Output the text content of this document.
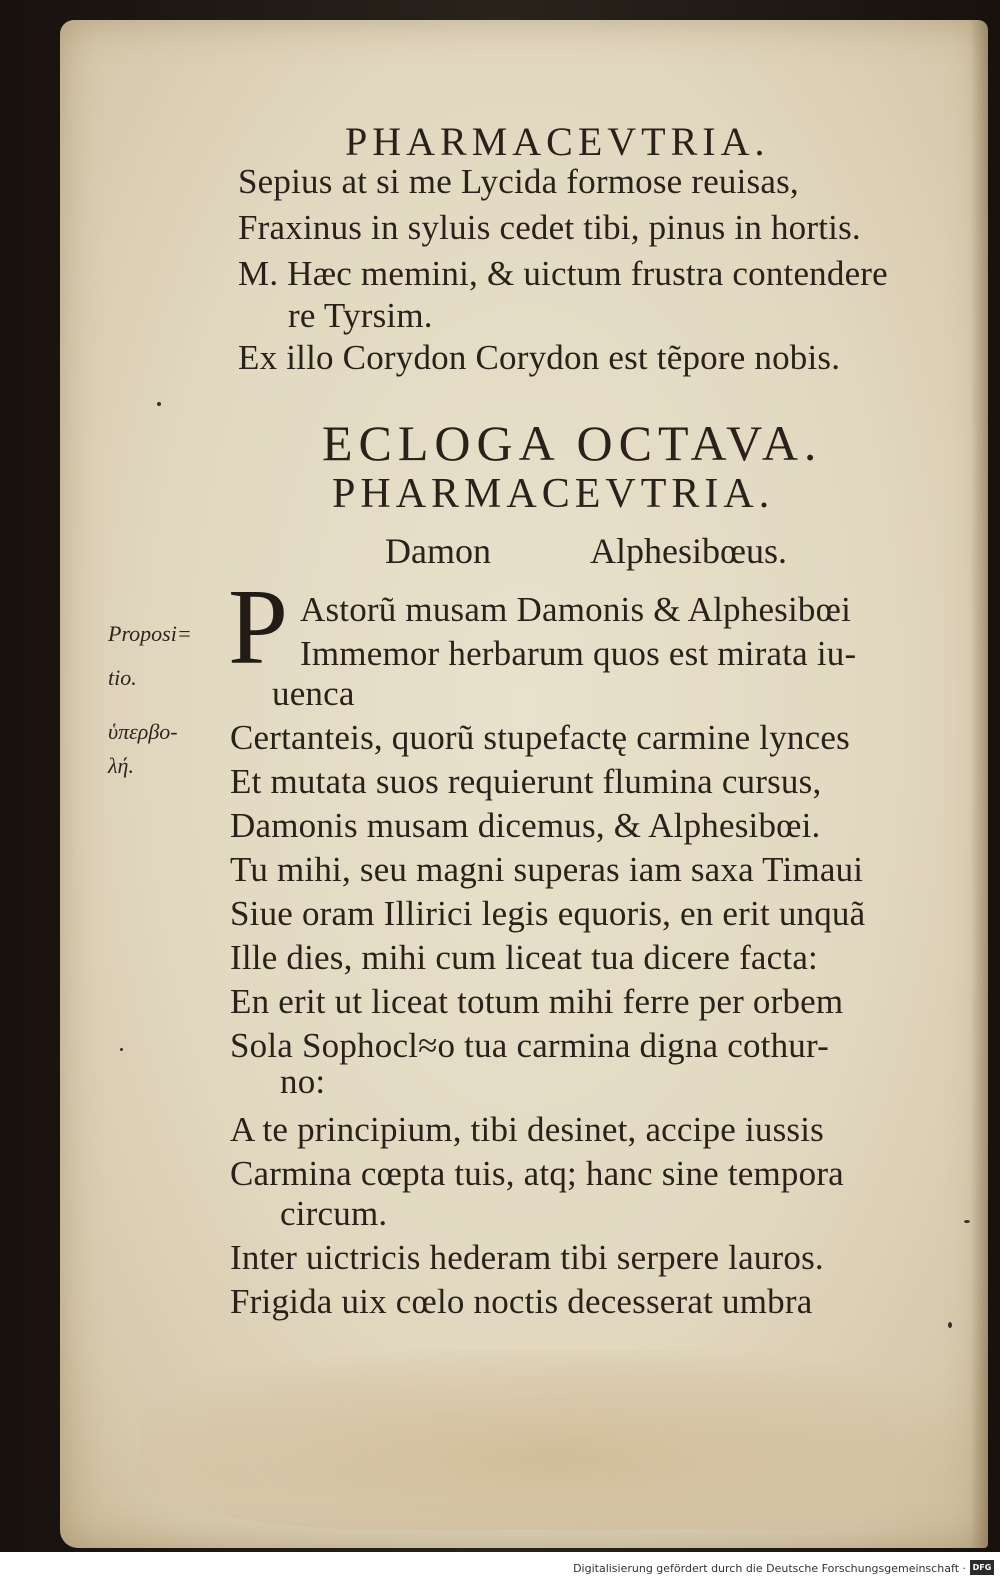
PHARMACEVTRIA.

Sepius at si me Lycida formose reuisas,

Fraxinus in syluis cedet tibi, pinus in hortis.

M. Hæc memini, & uictum frustra contendere

re Tyrsim.

Ex illo Corydon Corydon est tẽpore nobis.

ECLOGA OCTAVA.

PHARMACEVTRIA.

Damon	Alphesibœus.

P Astorũ musam Damonis & Alphesibœi

Immemor herbarum quos est mirata iu-

uenca

Proposi=

tio.

ὑπερβο-

λή.

Certanteis, quorũ stupefactę carmine lynces

Et mutata suos requierunt flumina cursus,

Damonis musam dicemus, & Alphesibœi.

Tu mihi, seu magni superas iam saxa Timaui

Siue oram Illirici legis equoris, en erit unquã

Ille dies, mihi cum liceat tua dicere facta:

En erit ut liceat totum mihi ferre per orbem

Sola Sophocl≈o tua carmina digna cothur-

no:

A te principium, tibi desinet, accipe iussis

Carmina cœpta tuis, atq; hanc sine tempora

circum.

Inter uictricis hederam tibi serpere lauros.

Frigida uix cœlo noctis decesserat umbra

Digitalisierung gefördert durch die Deutsche Forschungsgemeinschaft · DFG
